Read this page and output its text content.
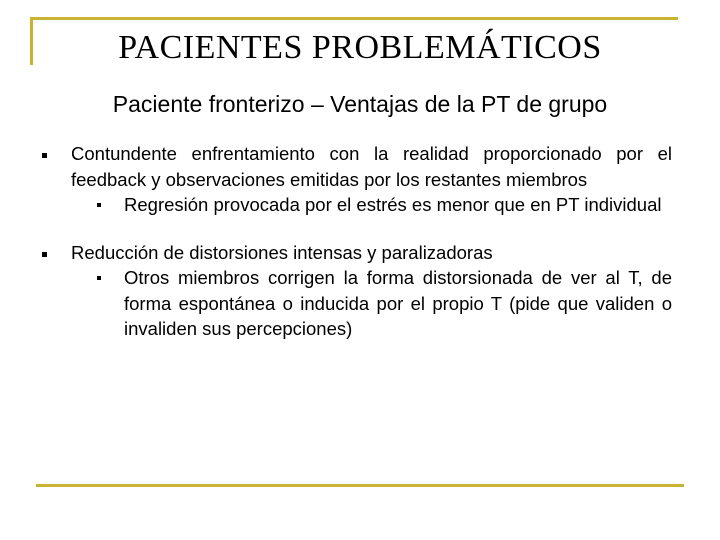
PACIENTES PROBLEMÁTICOS
Paciente fronterizo – Ventajas de la PT de grupo
Contundente enfrentamiento con la realidad proporcionado por el feedback y observaciones emitidas por los restantes miembros
Regresión provocada por el estrés es menor que en PT individual
Reducción de distorsiones intensas y paralizadoras
Otros miembros corrigen la forma distorsionada de ver al T, de forma espontánea o inducida por el propio T (pide que validen o invaliden sus percepciones)
